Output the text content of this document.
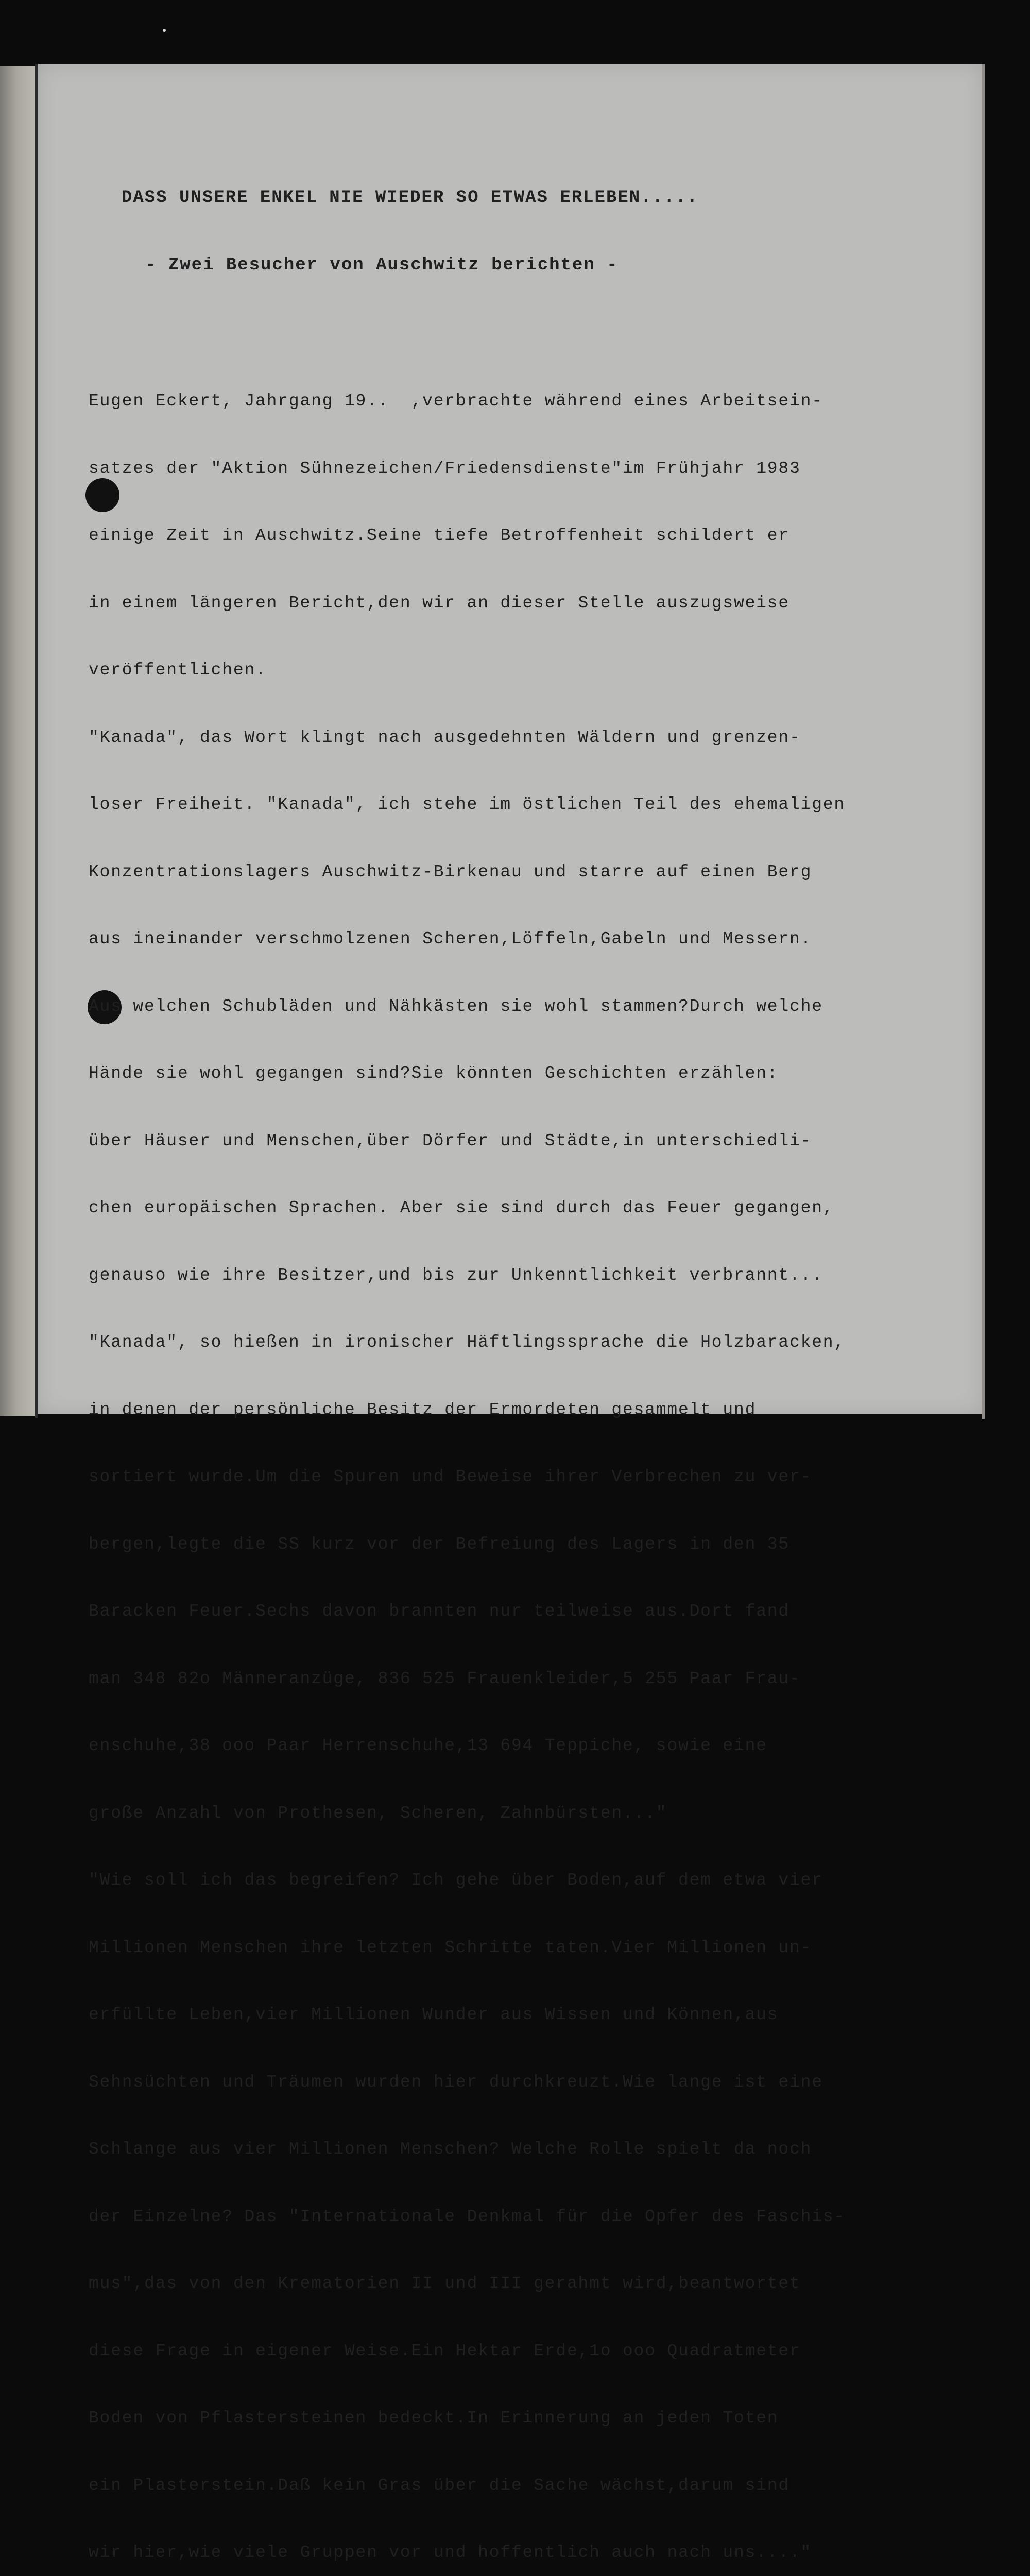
DASS UNSERE ENKEL NIE WIEDER SO ETWAS ERLEBEN.....

- Zwei Besucher von Auschwitz berichten -

Eugen Eckert, Jahrgang 19..  ,verbrachte während eines Arbeitsein-

satzes der "Aktion Sühnezeichen/Friedensdienste"im Frühjahr 1983

einige Zeit in Auschwitz.Seine tiefe Betroffenheit schildert er

in einem längeren Bericht,den wir an dieser Stelle auszugsweise

veröffentlichen.

"Kanada", das Wort klingt nach ausgedehnten Wäldern und grenzen-

loser Freiheit. "Kanada", ich stehe im östlichen Teil des ehemaligen

Konzentrationslagers Auschwitz-Birkenau und starre auf einen Berg

aus ineinander verschmolzenen Scheren,Löffeln,Gabeln und Messern.

Aus welchen Schubläden und Nähkästen sie wohl stammen?Durch welche

Hände sie wohl gegangen sind?Sie könnten Geschichten erzählen:

über Häuser und Menschen,über Dörfer und Städte,in unterschiedli-

chen europäischen Sprachen. Aber sie sind durch das Feuer gegangen,

genauso wie ihre Besitzer,und bis zur Unkenntlichkeit verbrannt...

"Kanada", so hießen in ironischer Häftlingssprache die Holzbaracken,

in denen der persönliche Besitz der Ermordeten gesammelt und

sortiert wurde.Um die Spuren und Beweise ihrer Verbrechen zu ver-

bergen,legte die SS kurz vor der Befreiung des Lagers in den 35

Baracken Feuer.Sechs davon brannten nur teilweise aus.Dort fand

man 348 82o Männeranzüge, 836 525 Frauenkleider,5 255 Paar Frau-

enschuhe,38 ooo Paar Herrenschuhe,13 694 Teppiche, sowie eine

große Anzahl von Prothesen, Scheren, Zahnbürsten..."

"Wie soll ich das begreifen? Ich gehe über Boden,auf dem etwa vier

Millionen Menschen ihre letzten Schritte taten.Vier Millionen un-

erfüllte Leben,vier Millionen Wunder aus Wissen und Können,aus

Sehnsüchten und Träumen wurden hier durchkreuzt.Wie lange ist eine

Schlange aus vier Millionen Menschen? Welche Rolle spielt da noch

der Einzelne? Das "Internationale Denkmal für die Opfer des Faschis-

mus",das von den Krematorien II und III gerahmt wird,beantwortet

diese Frage in eigener Weise.Ein Hektar Erde,1o ooo Quadratmeter

Boden von Pflastersteinen bedeckt.In Erinnerung an jeden Toten

ein Plasterstein.Daß kein Gras über die Sache wächst,darum sind

wir hier,wie viele Gruppen vor und hoffentlich auch nach uns...."
